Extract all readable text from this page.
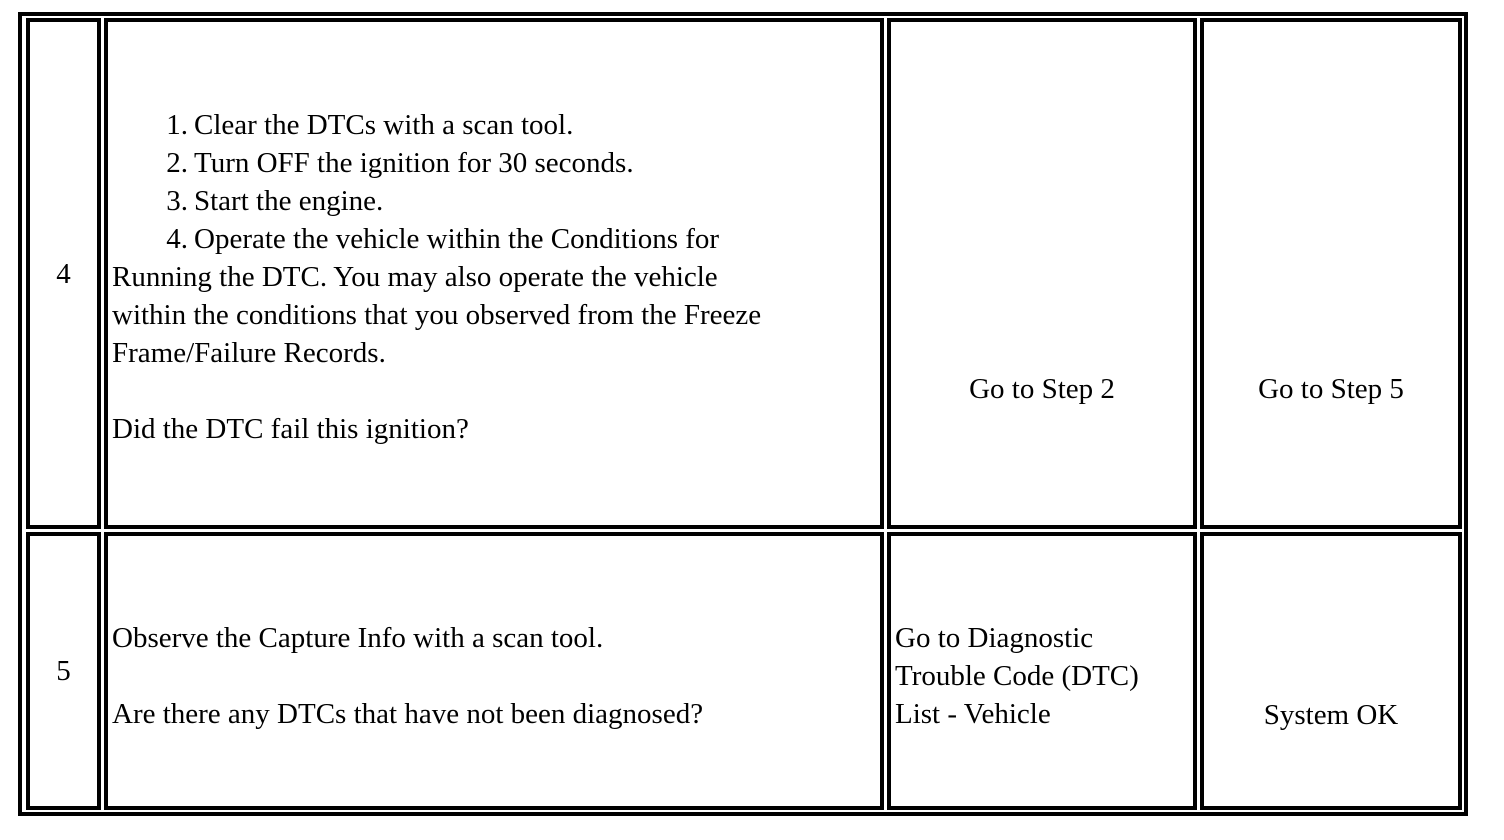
4
1. Clear the DTCs with a scan tool.
2. Turn OFF the ignition for 30 seconds.
3. Start the engine.
4. Operate the vehicle within the Conditions for
Running the DTC. You may also operate the vehicle
within the conditions that you observed from the Freeze
Frame/Failure Records.
Did the DTC fail this ignition?
Go to Step 2	Go to Step 5
5
Observe the Capture Info with a scan tool.
Are there any DTCs that have not been diagnosed?
Go to Diagnostic
Trouble Code (DTC)
List - Vehicle	System OK
